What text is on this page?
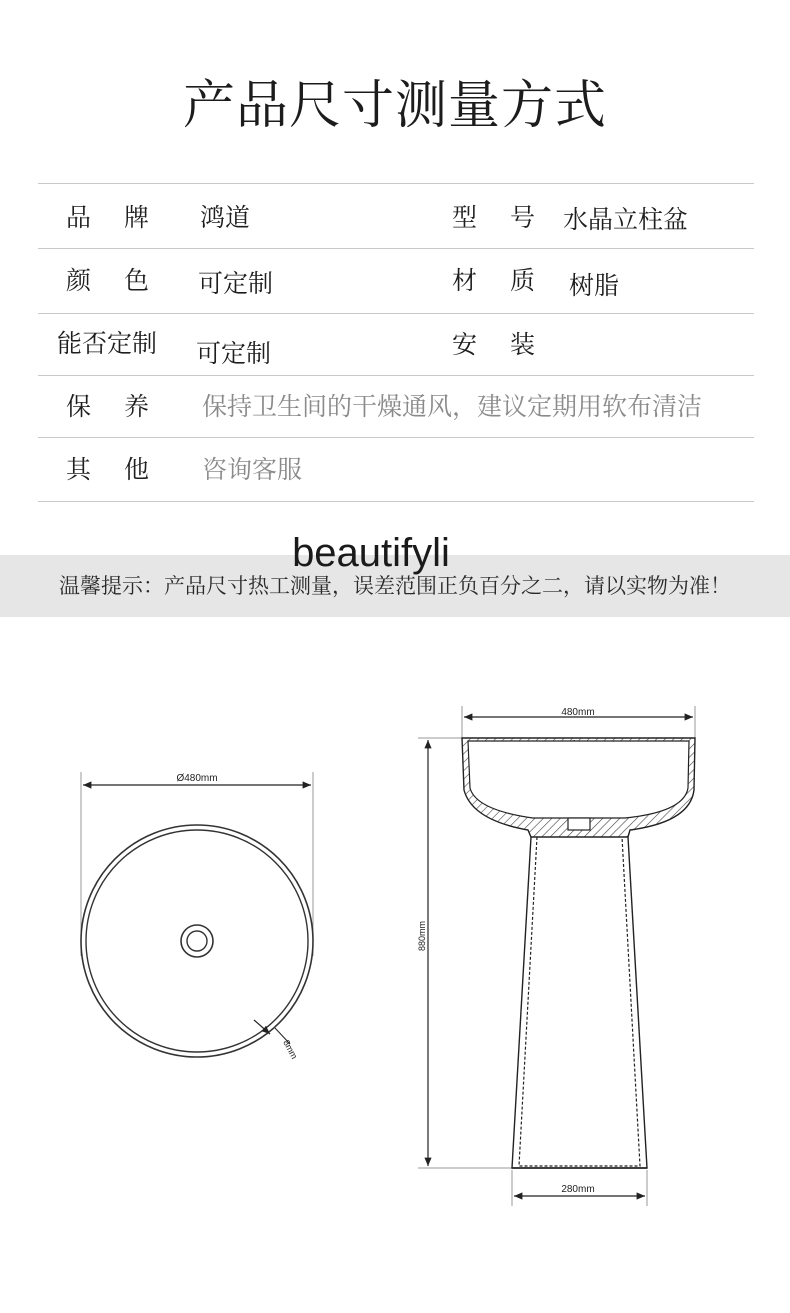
产品尺寸测量方式
品　牌 鸿道	型　号 水晶立柱盆
颜　色 可定制	材　质 树脂
能否定制 可定制	安　装
保　养 保持卫生间的干燥通风，建议定期用软布清洁
其　他 咨询客服
beautifyli
温馨提示：产品尺寸热工测量，误差范围正负百分之二，请以实物为准！
Ø480mm
8mm
480mm
880mm
280mm
